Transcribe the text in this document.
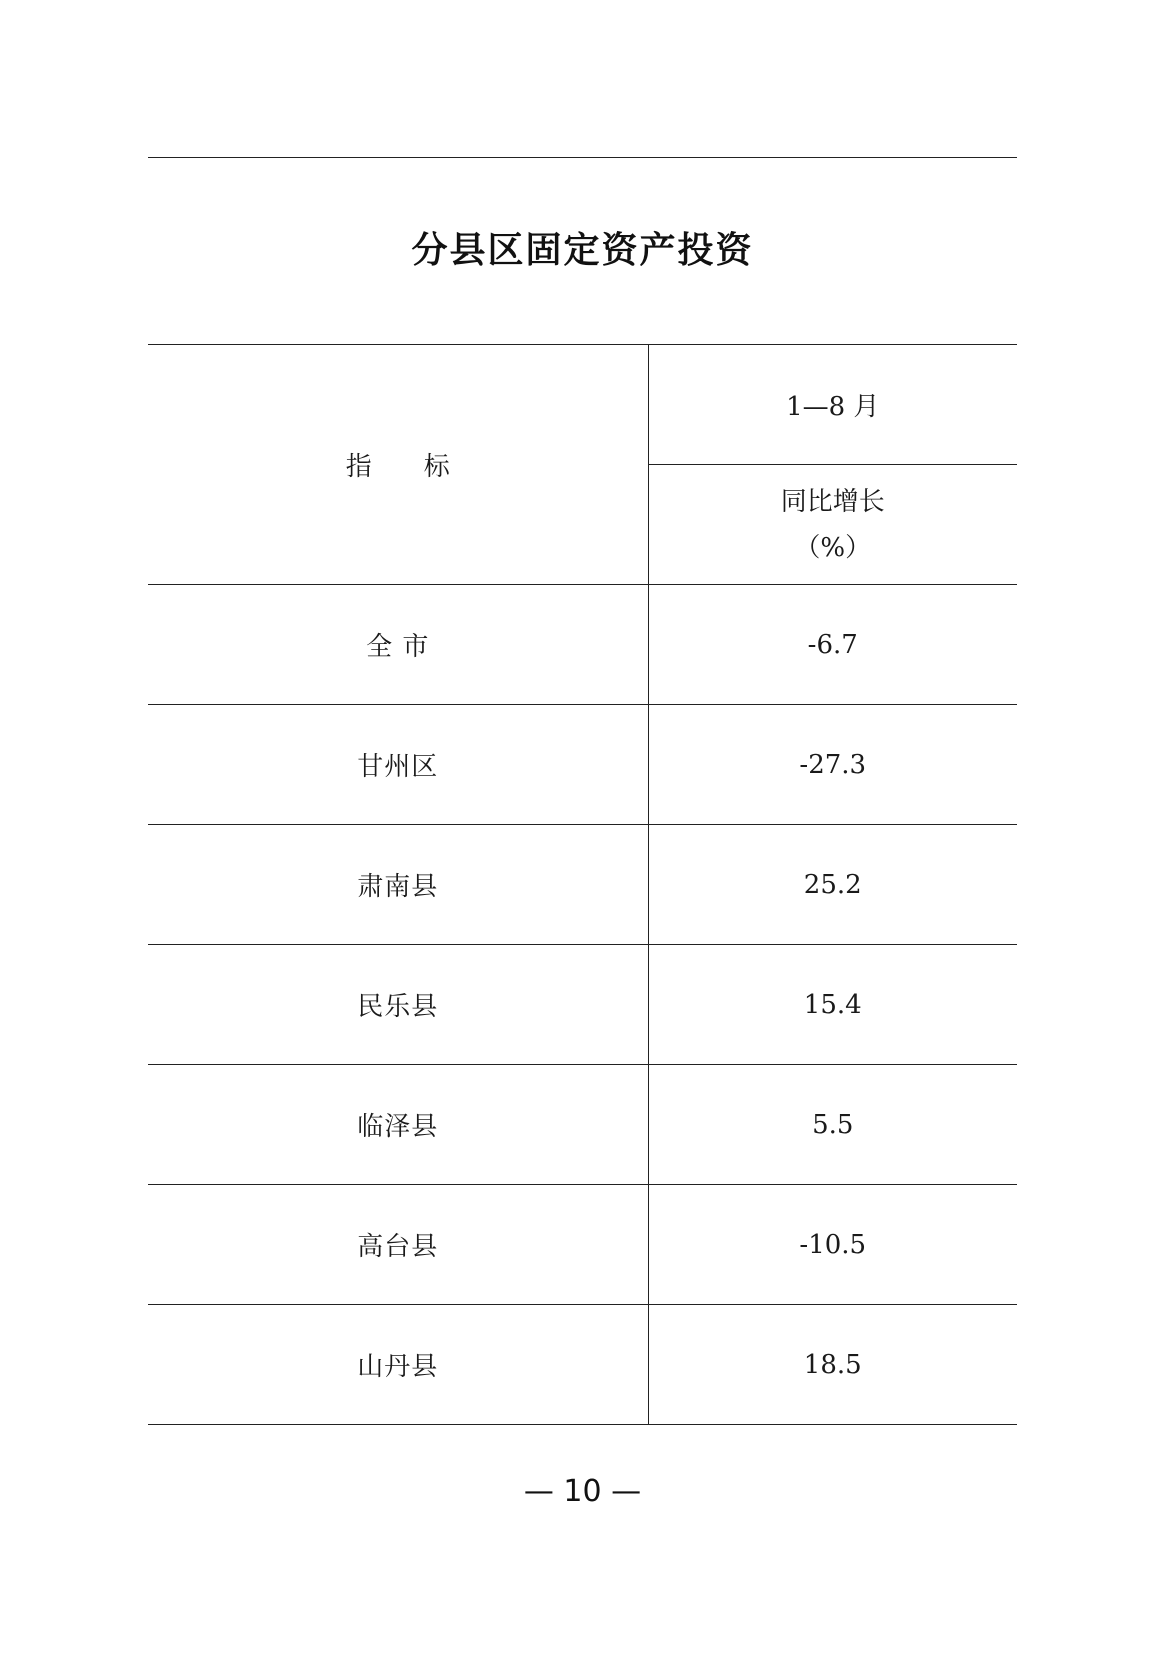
分县区固定资产投资
指 标	1—8 月

	同比增长
（%）

全 市	-6.7
甘州区	-27.3
肃南县	25.2
民乐县	15.4
临泽县	5.5
高台县	-10.5
山丹县	18.5
— 10 —
